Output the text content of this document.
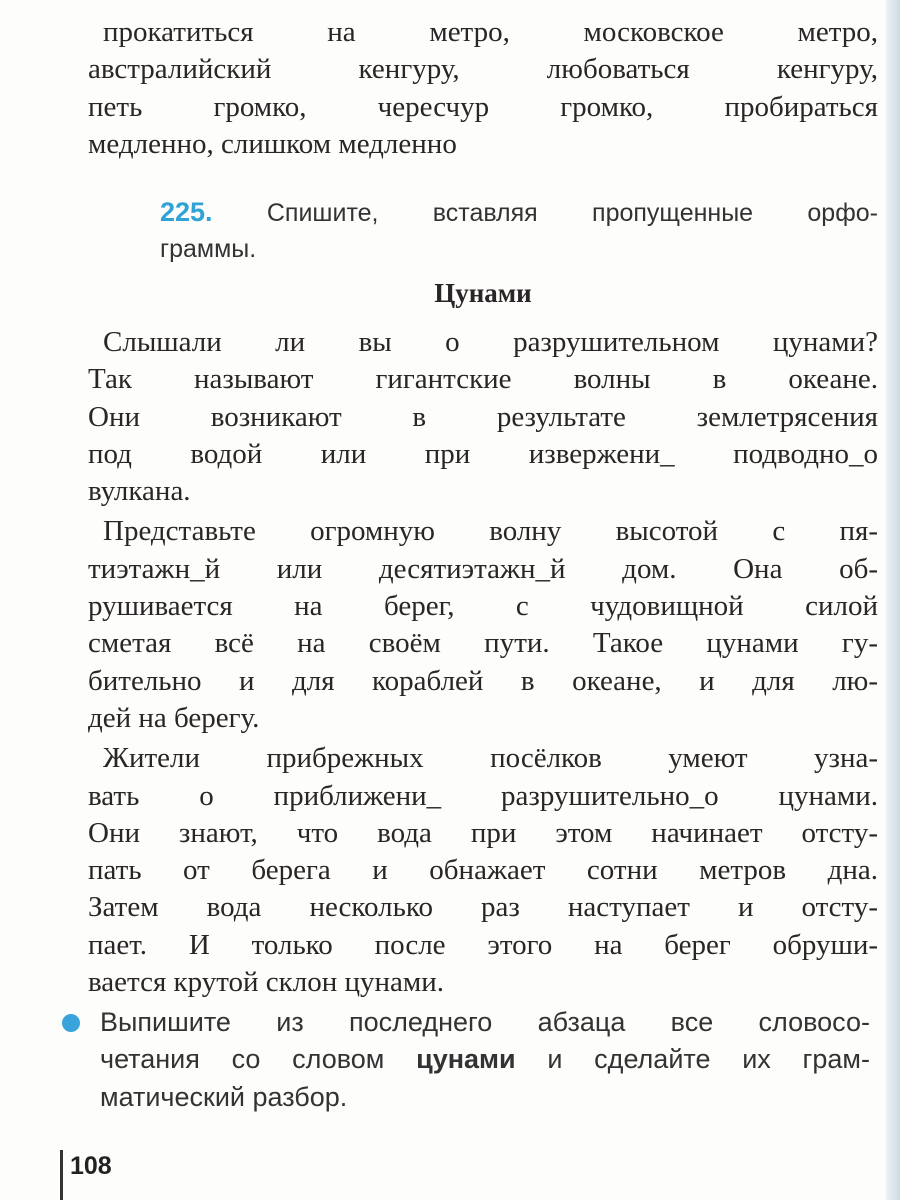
прокатиться на метро, московское метро,
австралийский кенгуру, любоваться кенгуру,
петь громко, чересчур громко, пробираться
медленно, слишком медленно
225. Спишите, вставляя пропущенные орфо-
граммы.
Цунами
Слышали ли вы о разрушительном цунами?
Так называют гигантские волны в океане.
Они возникают в результате землетрясения
под водой или при извержени_ подводно_о
вулкана.
Представьте огромную волну высотой с пя-
тиэтажн_й или десятиэтажн_й дом. Она об-
рушивается на берег, с чудовищной силой
сметая всё на своём пути. Такое цунами гу-
бительно и для кораблей в океане, и для лю-
дей на берегу.
Жители прибрежных посёлков умеют узна-
вать о приближени_ разрушительно_о цунами.
Они знают, что вода при этом начинает отсту-
пать от берега и обнажает сотни метров дна.
Затем вода несколько раз наступает и отсту-
пает. И только после этого на берег обруши-
вается крутой склон цунами.
Выпишите из последнего абзаца все словосо-
четания со словом цунами и сделайте их грам-
матический разбор.
108
